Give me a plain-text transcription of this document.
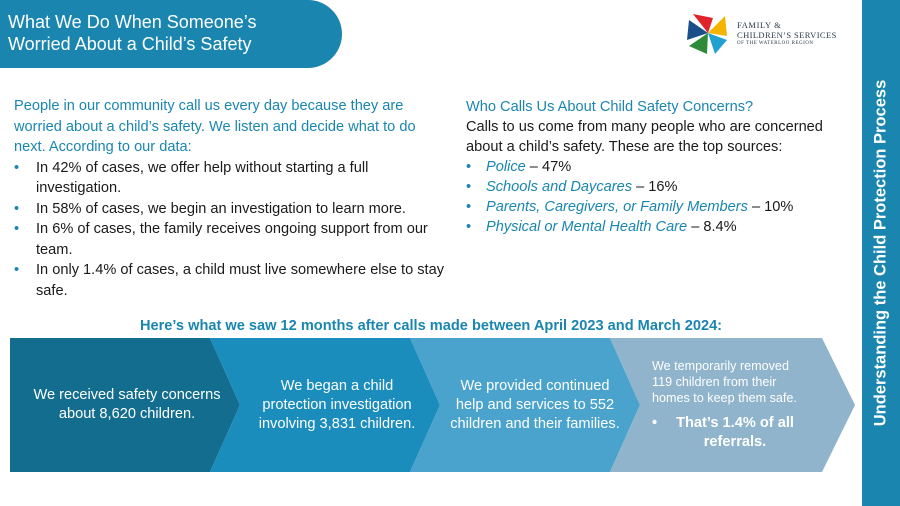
What We Do When Someone’s
Worried About a Child’s Safety
FAMILY &
CHILDREN’S SERVICES
OF THE WATERLOO REGION
Understanding the Child Protection Process
People in our community call us every day because they are worried about a child’s safety. We listen and decide what to do next. According to our data:
• In 42% of cases, we offer help without starting a full investigation.
• In 58% of cases, we begin an investigation to learn more.
• In 6% of cases, the family receives ongoing support from our team.
• In only 1.4% of cases, a child must live somewhere else to stay safe.
Who Calls Us About Child Safety Concerns?
Calls to us come from many people who are concerned about a child’s safety. These are the top sources:
• Police – 47%
• Schools and Daycares – 16%
• Parents, Caregivers, or Family Members – 10%
• Physical or Mental Health Care – 8.4%
Here’s what we saw 12 months after calls made between April 2023 and March 2024:
We received safety concerns about 8,620 children.
We began a child protection investigation involving 3,831 children.
We provided continued help and services to 552 children and their families.
We temporarily removed 119 children from their homes to keep them safe.
• That’s 1.4% of all referrals.
